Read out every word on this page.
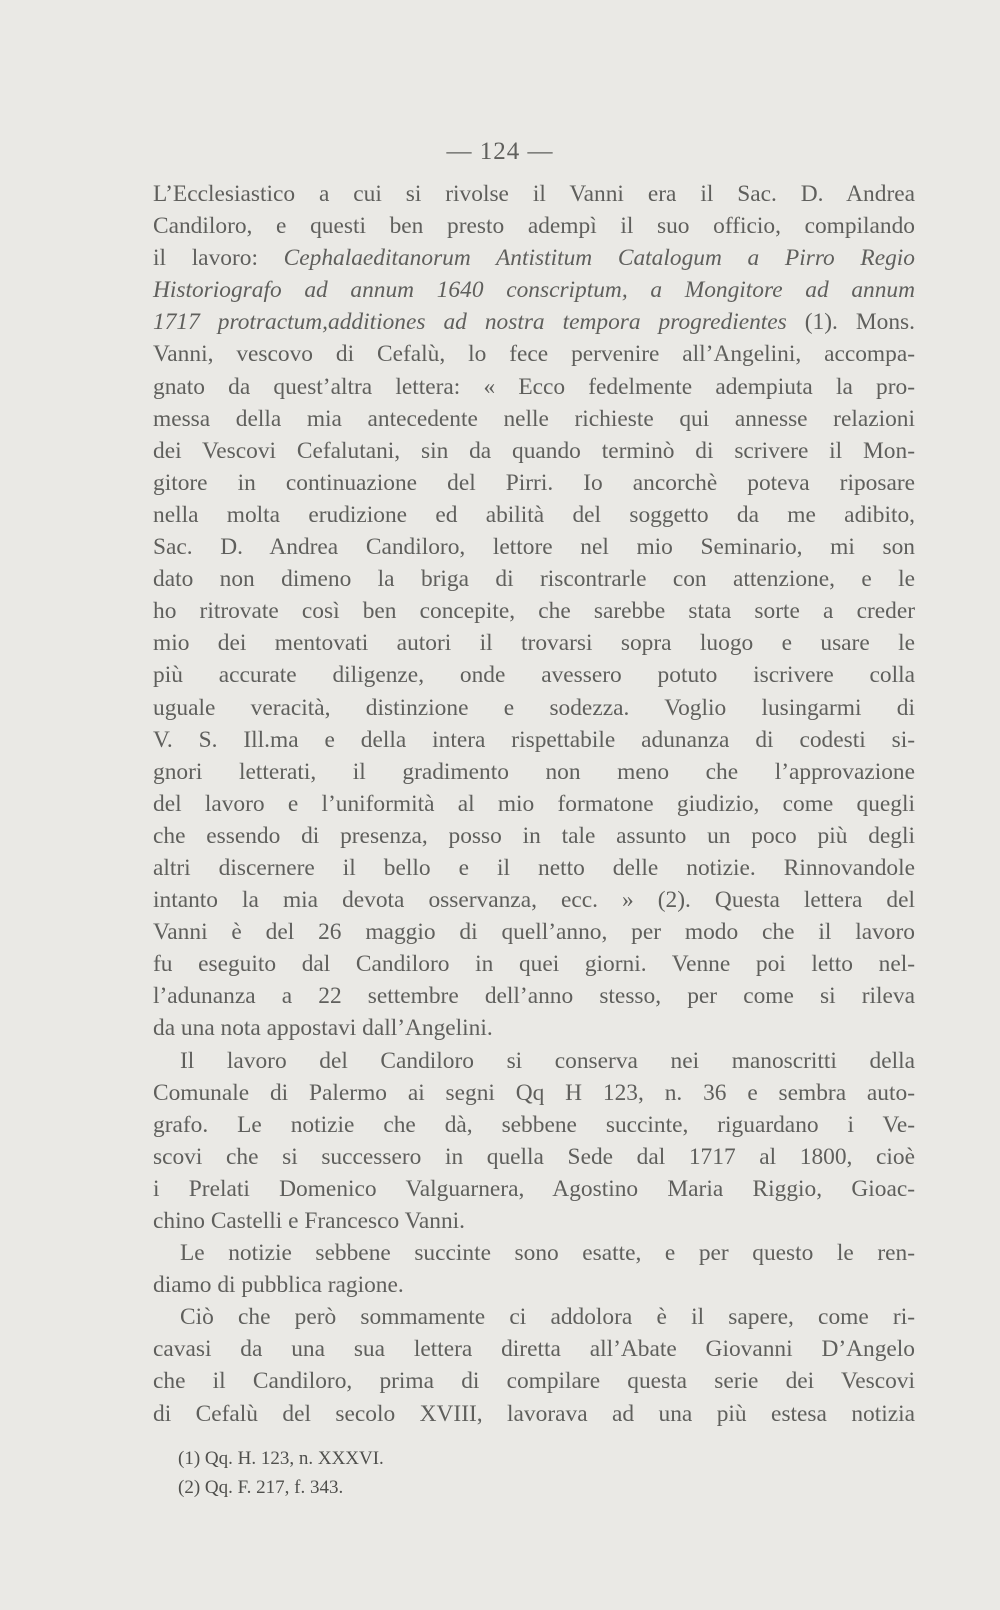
— 124 —
L’Ecclesiastico a cui si rivolse il Vanni era il Sac. D. Andrea
Candiloro, e questi ben presto adempì il suo officio, compilando
il lavoro: Cephalaeditanorum Antistitum Catalogum a Pirro Regio
Historiografo ad annum 1640 conscriptum, a Mongitore ad annum
1717 protractum,additiones ad nostra tempora progredientes (1). Mons.
Vanni, vescovo di Cefalù, lo fece pervenire all’Angelini, accompa-
gnato da quest’altra lettera: « Ecco fedelmente adempiuta la pro-
messa della mia antecedente nelle richieste qui annesse relazioni
dei Vescovi Cefalutani, sin da quando terminò di scrivere il Mon-
gitore in continuazione del Pirri. Io ancorchè poteva riposare
nella molta erudizione ed abilità del soggetto da me adibito,
Sac. D. Andrea Candiloro, lettore nel mio Seminario, mi son
dato non dimeno la briga di riscontrarle con attenzione, e le
ho ritrovate così ben concepite, che sarebbe stata sorte a creder
mio dei mentovati autori il trovarsi sopra luogo e usare le
più accurate diligenze, onde avessero potuto iscrivere colla
uguale veracità, distinzione e sodezza. Voglio lusingarmi di
V. S. Ill.ma e della intera rispettabile adunanza di codesti si-
gnori letterati, il gradimento non meno che l’approvazione
del lavoro e l’uniformità al mio formatone giudizio, come quegli
che essendo di presenza, posso in tale assunto un poco più degli
altri discernere il bello e il netto delle notizie. Rinnovandole
intanto la mia devota osservanza, ecc. » (2). Questa lettera del
Vanni è del 26 maggio di quell’anno, per modo che il lavoro
fu eseguito dal Candiloro in quei giorni. Venne poi letto nel-
l’adunanza a 22 settembre dell’anno stesso, per come si rileva
da una nota appostavi dall’Angelini.
Il lavoro del Candiloro si conserva nei manoscritti della
Comunale di Palermo ai segni Qq H 123, n. 36 e sembra auto-
grafo. Le notizie che dà, sebbene succinte, riguardano i Ve-
scovi che si successero in quella Sede dal 1717 al 1800, cioè
i Prelati Domenico Valguarnera, Agostino Maria Riggio, Gioac-
chino Castelli e Francesco Vanni.
Le notizie sebbene succinte sono esatte, e per questo le ren-
diamo di pubblica ragione.
Ciò che però sommamente ci addolora è il sapere, come ri-
cavasi da una sua lettera diretta all’Abate Giovanni D’Angelo
che il Candiloro, prima di compilare questa serie dei Vescovi
di Cefalù del secolo XVIII, lavorava ad una più estesa notizia
(1) Qq. H. 123, n. XXXVI.
(2) Qq. F. 217, f. 343.
